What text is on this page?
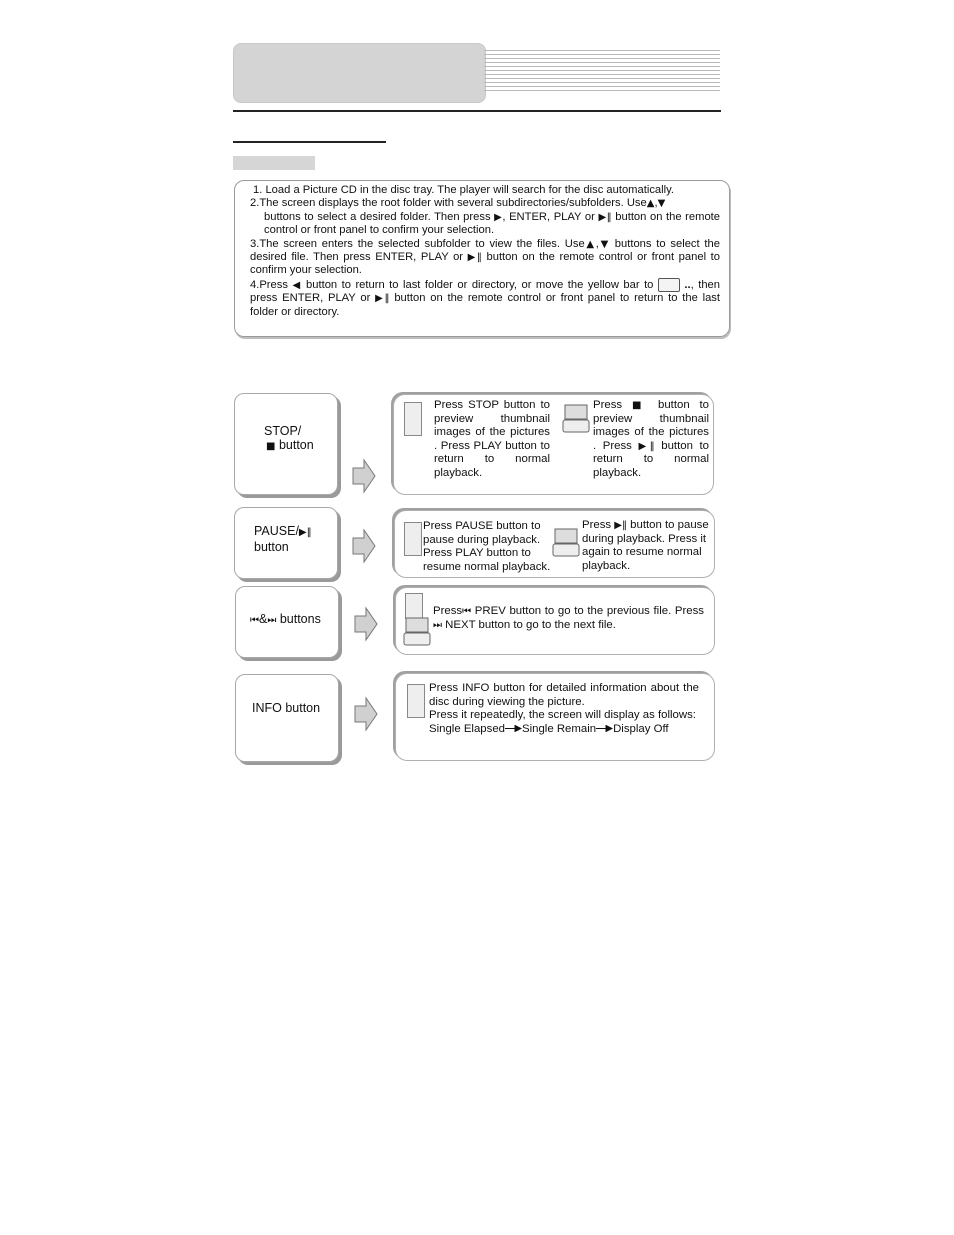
1. Load a Picture CD in the disc tray. The player will search for the disc automatically.

2.The screen displays the root folder with several subdirectories/subfolders. Use▲,▼
buttons to select a desired folder. Then press ▶, ENTER, PLAY or ▶‖ button on the remote control or front panel to confirm your selection.

3.The screen enters the selected subfolder to view the files. Use▲,▼ buttons to select the desired file. Then press ENTER, PLAY or ▶‖ button on the remote control or front panel to confirm your selection.

4.Press ◀ button to return to last folder or directory, or move the yellow bar to	.., then press ENTER, PLAY or ▶‖ button on the remote control or front panel to return to the last folder or directory.

STOP/
■ button
Press STOP button to preview thumbnail images of the pictures . Press PLAY button to return to normal playback.
Press ■ button to preview thumbnail images of the pictures . Press ▶‖ button to return to normal playback.
PAUSE/▶‖
button
Press PAUSE button to pause during playback. Press PLAY button to resume normal playback.
Press ▶‖ button to pause during playback. Press it again to resume normal playback.
⏮&⏭ buttons
Press⏮ PREV button to go to the previous file. Press ⏭ NEXT button to go to the next file.
INFO button
Press INFO button for detailed information about the disc during viewing the picture.
Press it repeatedly, the screen will display as follows:
Single Elapsed Single Remain Display Off
